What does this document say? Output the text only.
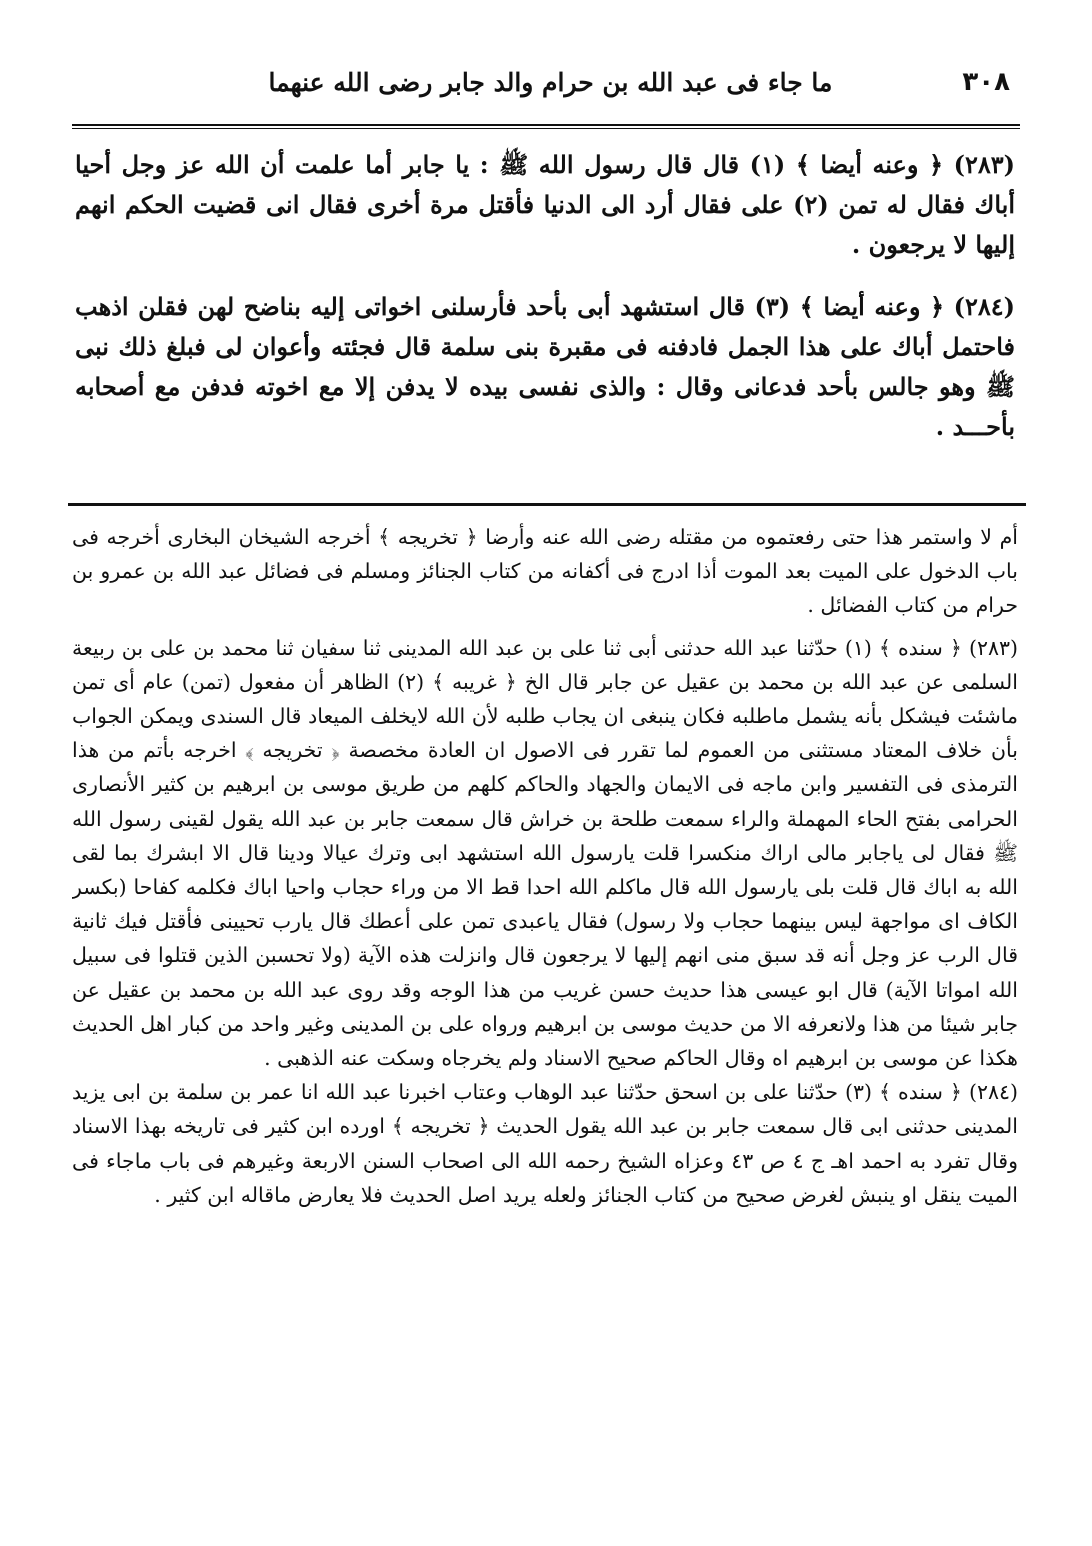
٣٠٨
ما جاء فى عبد الله بن حرام والد جابر رضى الله عنهما

(٢٨٣) ﴿ وعنه أيضا ﴾ (١) قال قال رسول الله ﷺ : يا جابر أما علمت أن الله عز وجل أحيا أباك فقال له تمن (٢) على فقال أرد الى الدنيا فأقتل مرة أخرى فقال انى قضيت الحكم انهم إليها لا يرجعون .

(٢٨٤) ﴿ وعنه أيضا ﴾ (٣) قال استشهد أبى بأحد فأرسلنى اخواتى إليه بناضح لهن فقلن اذهب فاحتمل أباك على هذا الجمل فادفنه فى مقبرة بنى سلمة قال فجئته وأعوان لى فبلغ ذلك نبى ﷺ وهو جالس بأحد فدعانى وقال : والذى نفسى بيده لا يدفن إلا مع اخوته فدفن مع أصحابه بأحـــد .

أم لا واستمر هذا حتى رفعتموه من مقتله رضى الله عنه وأرضا ﴿ تخريجه ﴾ أخرجه الشيخان البخارى أخرجه فى باب الدخول على الميت بعد الموت أذا ادرج فى أكفانه من كتاب الجنائز ومسلم فى فضائل عبد الله بن عمرو بن حرام من كتاب الفضائل .

(٢٨٣) ﴿ سنده ﴾ (١) حدّثنا عبد الله حدثنى أبى ثنا على بن عبد الله المدينى ثنا سفيان ثنا محمد بن على بن ربيعة السلمى عن عبد الله بن محمد بن عقيل عن جابر قال الخ ﴿ غريبه ﴾ (٢) الظاهر أن مفعول (تمن) عام أى تمن ماشئت فيشكل بأنه يشمل ماطلبه فكان ينبغى ان يجاب طلبه لأن الله لايخلف الميعاد قال السندى ويمكن الجواب بأن خلاف المعتاد مستثنى من العموم لما تقرر فى الاصول ان العادة مخصصة ﴿ تخريجه ﴾ اخرجه بأتم من هذا الترمذى فى التفسير وابن ماجه فى الايمان والجهاد والحاكم كلهم من طريق موسى بن ابرهيم بن كثير الأنصارى الحرامى بفتح الحاء المهملة والراء سمعت طلحة بن خراش قال سمعت جابر بن عبد الله يقول لقينى رسول الله ﷺ فقال لى ياجابر مالى اراك منكسرا قلت يارسول الله استشهد ابى وترك عيالا ودينا قال الا ابشرك بما لقى الله به اباك قال قلت بلى يارسول الله قال ماكلم الله احدا قط الا من وراء حجاب واحيا اباك فكلمه كفاحا (بكسر الكاف اى مواجهة ليس بينهما حجاب ولا رسول) فقال ياعبدى تمن على أعطك قال يارب تحيينى فأقتل فيك ثانية قال الرب عز وجل أنه قد سبق منى انهم إليها لا يرجعون قال وانزلت هذه الآية (ولا تحسبن الذين قتلوا فى سبيل الله امواتا الآية) قال ابو عيسى هذا حديث حسن غريب من هذا الوجه وقد روى عبد الله بن محمد بن عقيل عن جابر شيئا من هذا ولانعرفه الا من حديث موسى بن ابرهيم ورواه على بن المدينى وغير واحد من كبار اهل الحديث هكذا عن موسى بن ابرهيم اه وقال الحاكم صحيح الاسناد ولم يخرجاه وسكت عنه الذهبى .

(٢٨٤) ﴿ سنده ﴾ (٣) حدّثنا على بن اسحق حدّثنا عبد الوهاب وعتاب اخبرنا عبد الله انا عمر بن سلمة بن ابى يزيد المدينى حدثنى ابى قال سمعت جابر بن عبد الله يقول الحديث ﴿ تخريجه ﴾ اورده ابن كثير فى تاريخه بهذا الاسناد وقال تفرد به احمد اهـ ج ٤ ص ٤٣ وعزاه الشيخ رحمه الله الى اصحاب السنن الاربعة وغيرهم فى باب ماجاء فى الميت ينقل او ينبش لغرض صحيح من كتاب الجنائز ولعله يريد اصل الحديث فلا يعارض ماقاله ابن كثير .
